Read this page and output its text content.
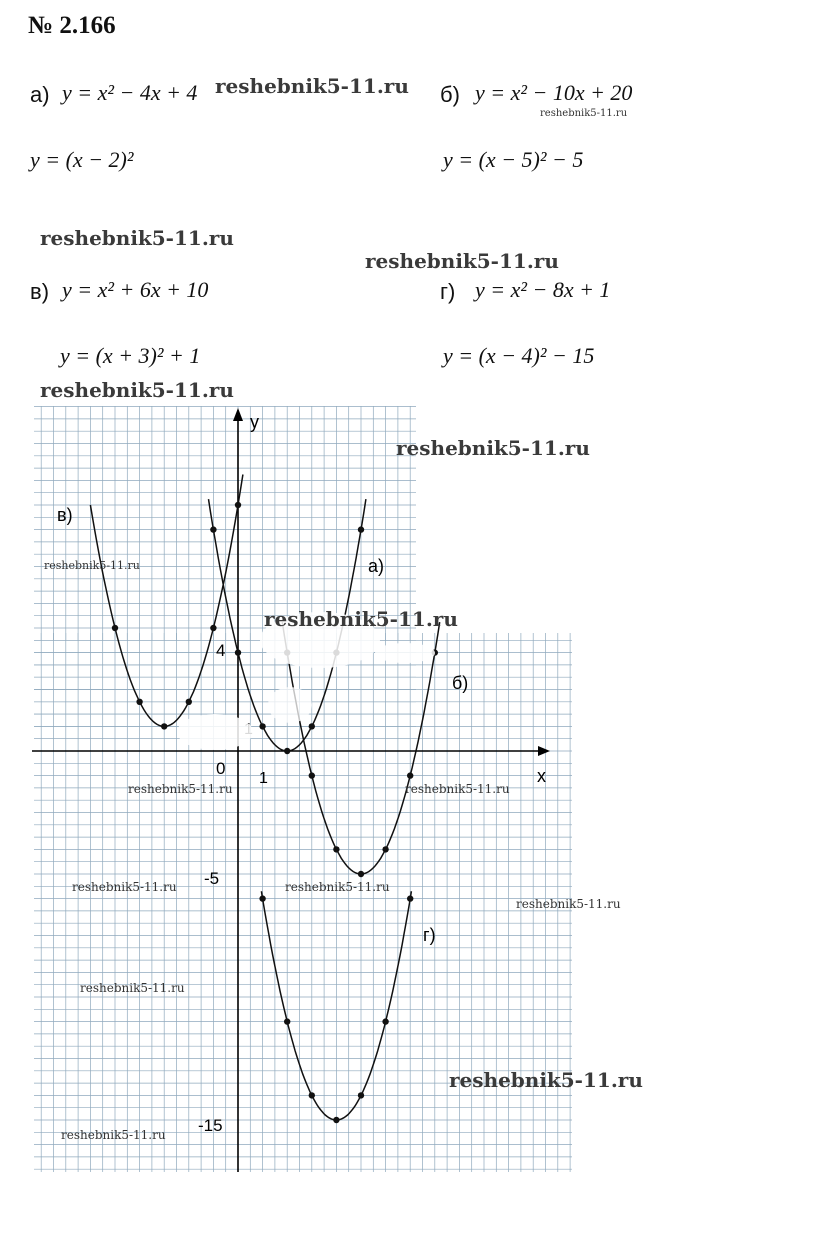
№ 2.166
а) y = x² − 4x + 4
y = (x − 2)²
б) y = x² − 10x + 20
y = (x − 5)² − 5
в) y = x² + 6x + 10
y = (x + 3)² + 1
г) y = x² − 8x + 1
y = (x − 4)² − 15
reshebnik5-11.ru
reshebnik5-11.ru
reshebnik5-11.ru
reshebnik5-11.ru
reshebnik5-11.ru
y
x
0
1
4
-5
-15
в)
а)
б)
г)
reshebnik5-11.ru
reshebnik5-11.ru
reshebnik5-11.ru
reshebnik5-11.ru	reshebnik5-11.ru
reshebnik5-11.ru	reshebnik5-11.ru
reshebnik5-11.ru
reshebnik5-11.ru
reshebnik5-11.ru
reshebnik5-11.ru
